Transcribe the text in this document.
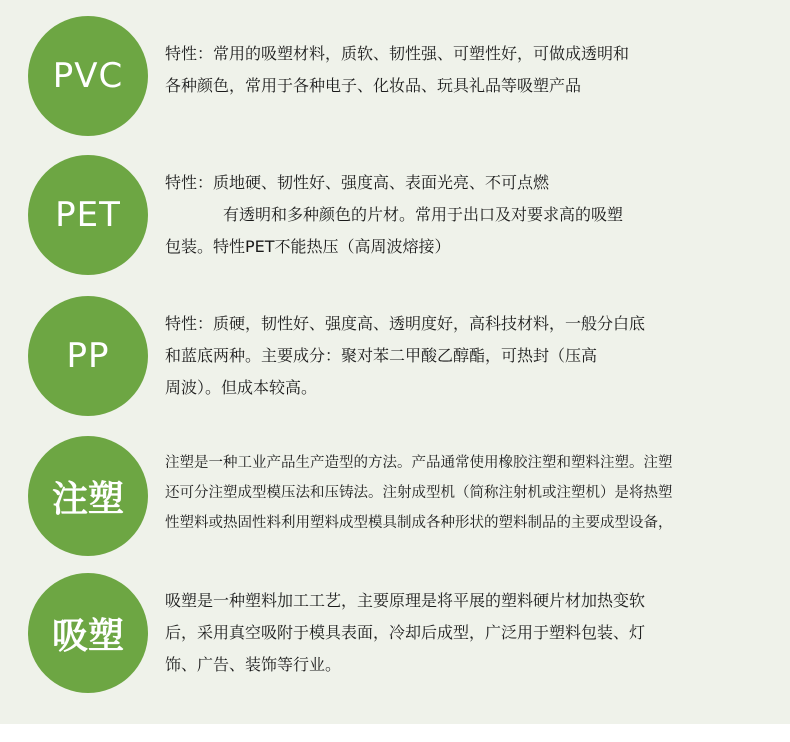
PVC
特性：常用的吸塑材料，质软、韧性强、可塑性好，可做成透明和
各种颜色，常用于各种电子、化妆品、玩具礼品等吸塑产品
PET
特性：质地硬、韧性好、强度高、表面光亮、不可点燃
有透明和多种颜色的片材。常用于出口及对要求高的吸塑
包装。特性PET不能热压（高周波熔接）
PP
特性：质硬，韧性好、强度高、透明度好，高科技材料，一般分白底
和蓝底两种。主要成分：聚对苯二甲酸乙醇酯，可热封（压高
周波）。但成本较高。
注塑
注塑是一种工业产品生产造型的方法。产品通常使用橡胶注塑和塑料注塑。注塑
还可分注塑成型模压法和压铸法。注射成型机（简称注射机或注塑机）是将热塑
性塑料或热固性料利用塑料成型模具制成各种形状的塑料制品的主要成型设备，
吸塑
吸塑是一种塑料加工工艺，主要原理是将平展的塑料硬片材加热变软
后，采用真空吸附于模具表面，冷却后成型，广泛用于塑料包装、灯
饰、广告、装饰等行业。
